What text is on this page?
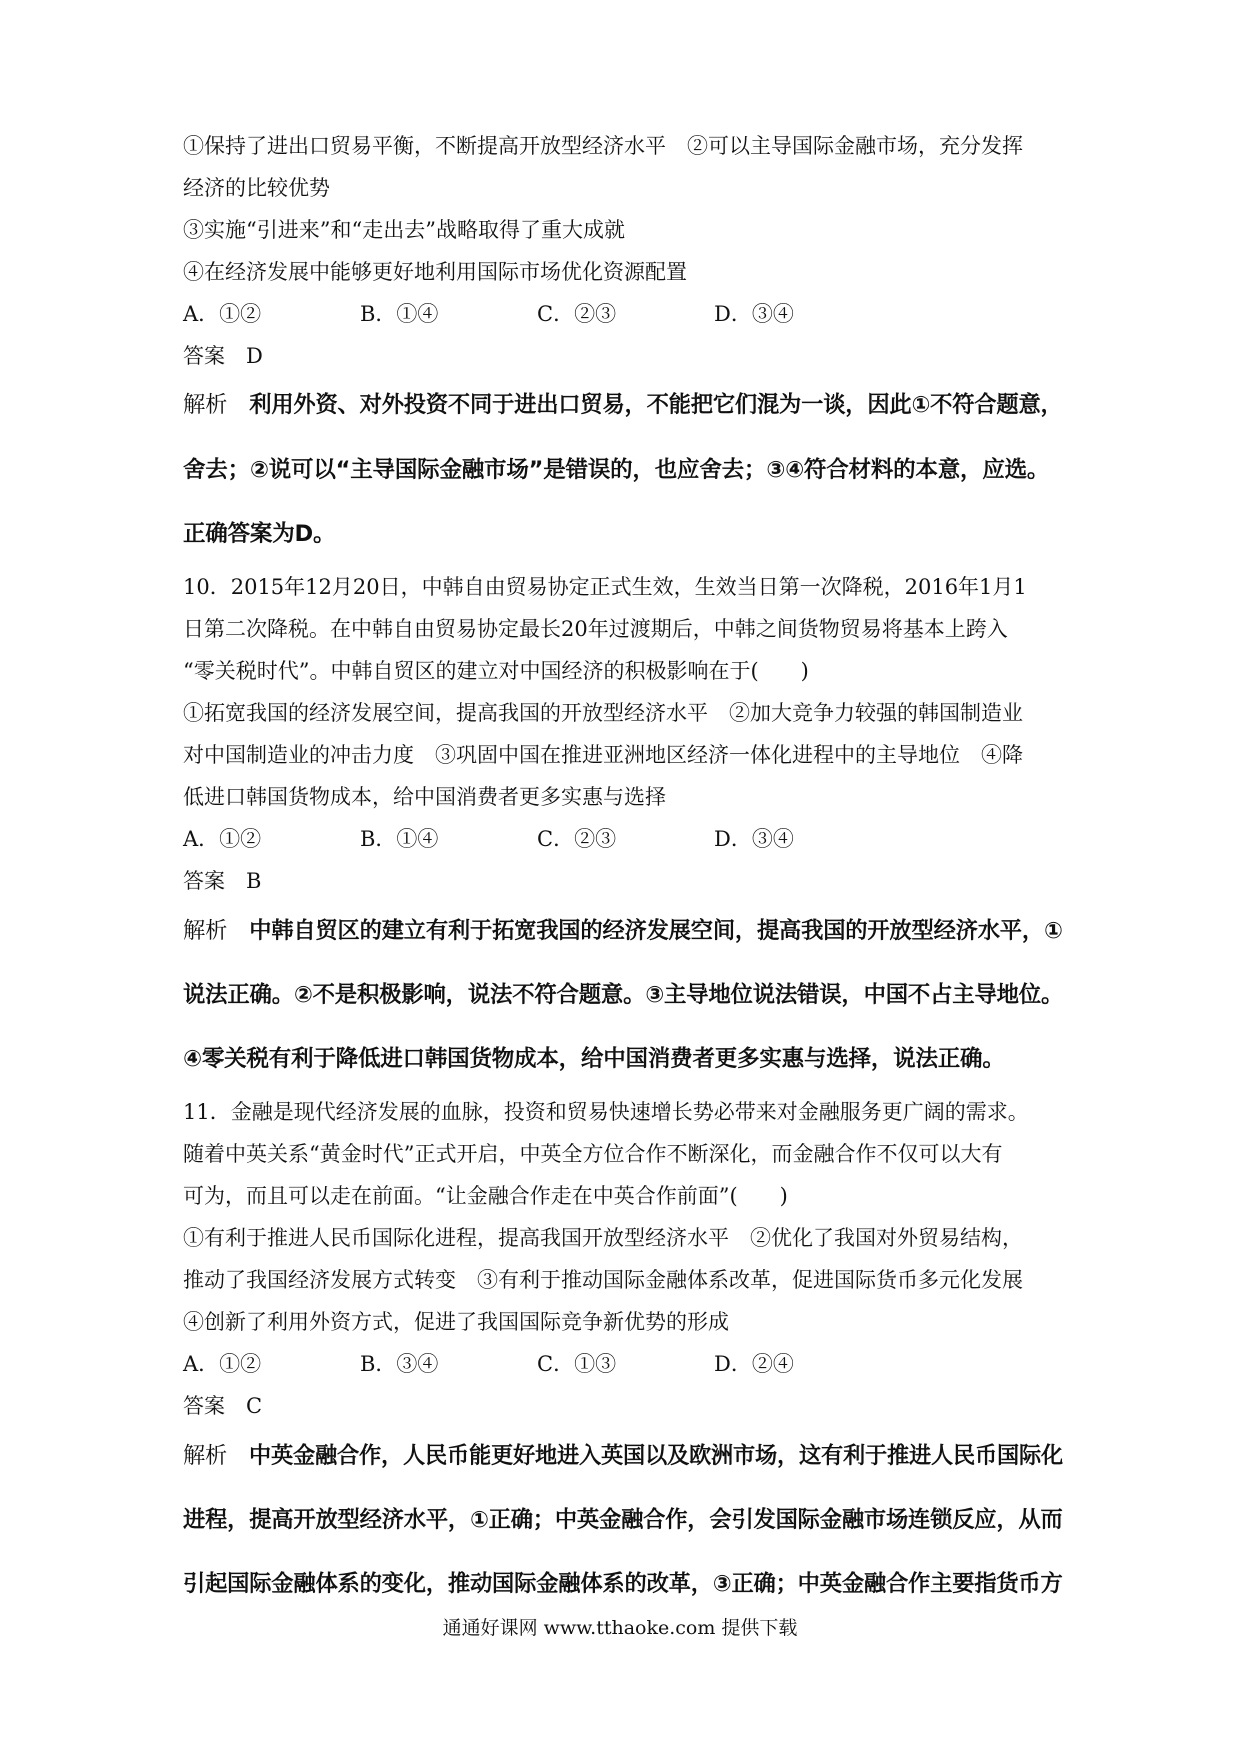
①保持了进出口贸易平衡，不断提高开放型经济水平　②可以主导国际金融市场，充分发挥
经济的比较优势
③实施“引进来”和“走出去”战略取得了重大成就
④在经济发展中能够更好地利用国际市场优化资源配置
A．①②	B．①④	C．②③	D．③④
答案　D
解析　 利用外资、对外投资不同于进出口贸易，不能把它们混为一谈，因此①不符合题意，
舍去；②说可以“主导国际金融市场”是错误的，也应舍去；③④符合材料的本意，应选。
正确答案为D。
10．2015年12月20日，中韩自由贸易协定正式生效，生效当日第一次降税，2016年1月1
日第二次降税。在中韩自由贸易协定最长20年过渡期后，中韩之间货物贸易将基本上跨入
“零关税时代”。中韩自贸区的建立对中国经济的积极影响在于(　　)
①拓宽我国的经济发展空间，提高我国的开放型经济水平　②加大竞争力较强的韩国制造业
对中国制造业的冲击力度　③巩固中国在推进亚洲地区经济一体化进程中的主导地位　④降
低进口韩国货物成本，给中国消费者更多实惠与选择
A．①②	B．①④	C．②③	D．③④
答案　B
解析　 中韩自贸区的建立有利于拓宽我国的经济发展空间，提高我国的开放型经济水平，①
说法正确。②不是积极影响，说法不符合题意。③主导地位说法错误，中国不占主导地位。
④零关税有利于降低进口韩国货物成本，给中国消费者更多实惠与选择，说法正确。
11．金融是现代经济发展的血脉，投资和贸易快速增长势必带来对金融服务更广阔的需求。
随着中英关系“黄金时代”正式开启，中英全方位合作不断深化，而金融合作不仅可以大有
可为，而且可以走在前面。“让金融合作走在中英合作前面”(　　)
①有利于推进人民币国际化进程，提高我国开放型经济水平　②优化了我国对外贸易结构，
推动了我国经济发展方式转变　③有利于推动国际金融体系改革，促进国际货币多元化发展
④创新了利用外资方式，促进了我国国际竞争新优势的形成
A．①②	B．③④	C．①③	D．②④
答案　C
解析　 中英金融合作，人民币能更好地进入英国以及欧洲市场，这有利于推进人民币国际化
进程，提高开放型经济水平，①正确；中英金融合作，会引发国际金融市场连锁反应，从而
引起国际金融体系的变化，推动国际金融体系的改革，③正确；中英金融合作主要指货币方
通通好课网 www.tthaoke.com 提供下载
